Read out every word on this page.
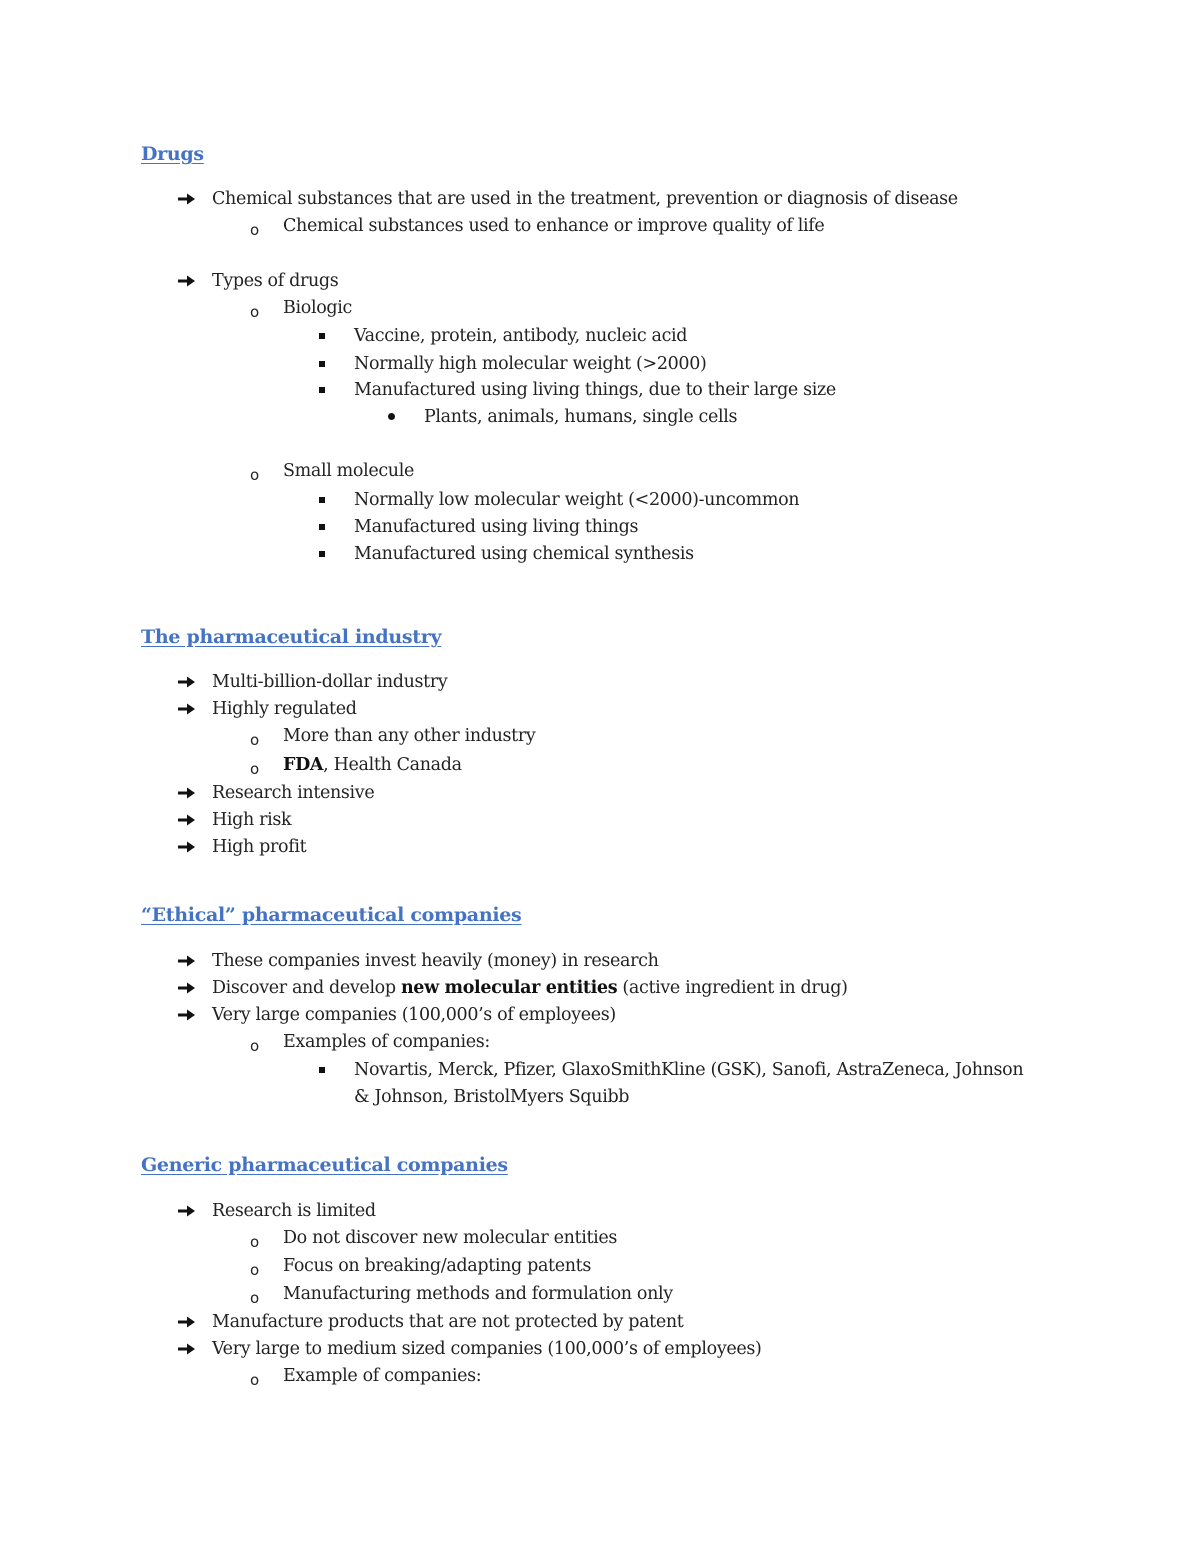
Drugs
Chemical substances that are used in the treatment, prevention or diagnosis of disease
o Chemical substances used to enhance or improve quality of life
Types of drugs
o Biologic
Vaccine, protein, antibody, nucleic acid
Normally high molecular weight (>2000)
Manufactured using living things, due to their large size
Plants, animals, humans, single cells
o Small molecule
Normally low molecular weight (<2000)-uncommon
Manufactured using living things
Manufactured using chemical synthesis
The pharmaceutical industry
Multi-billion-dollar industry
Highly regulated
o More than any other industry
o FDA, Health Canada
Research intensive
High risk
High profit
“Ethical” pharmaceutical companies
These companies invest heavily (money) in research
Discover and develop new molecular entities (active ingredient in drug)
Very large companies (100,000’s of employees)
o Examples of companies:
Novartis, Merck, Pfizer, GlaxoSmithKline (GSK), Sanofi, AstraZeneca, Johnson
& Johnson, BristolMyers Squibb
Generic pharmaceutical companies
Research is limited
o Do not discover new molecular entities
o Focus on breaking/adapting patents
o Manufacturing methods and formulation only
Manufacture products that are not protected by patent
Very large to medium sized companies (100,000’s of employees)
o Example of companies:
